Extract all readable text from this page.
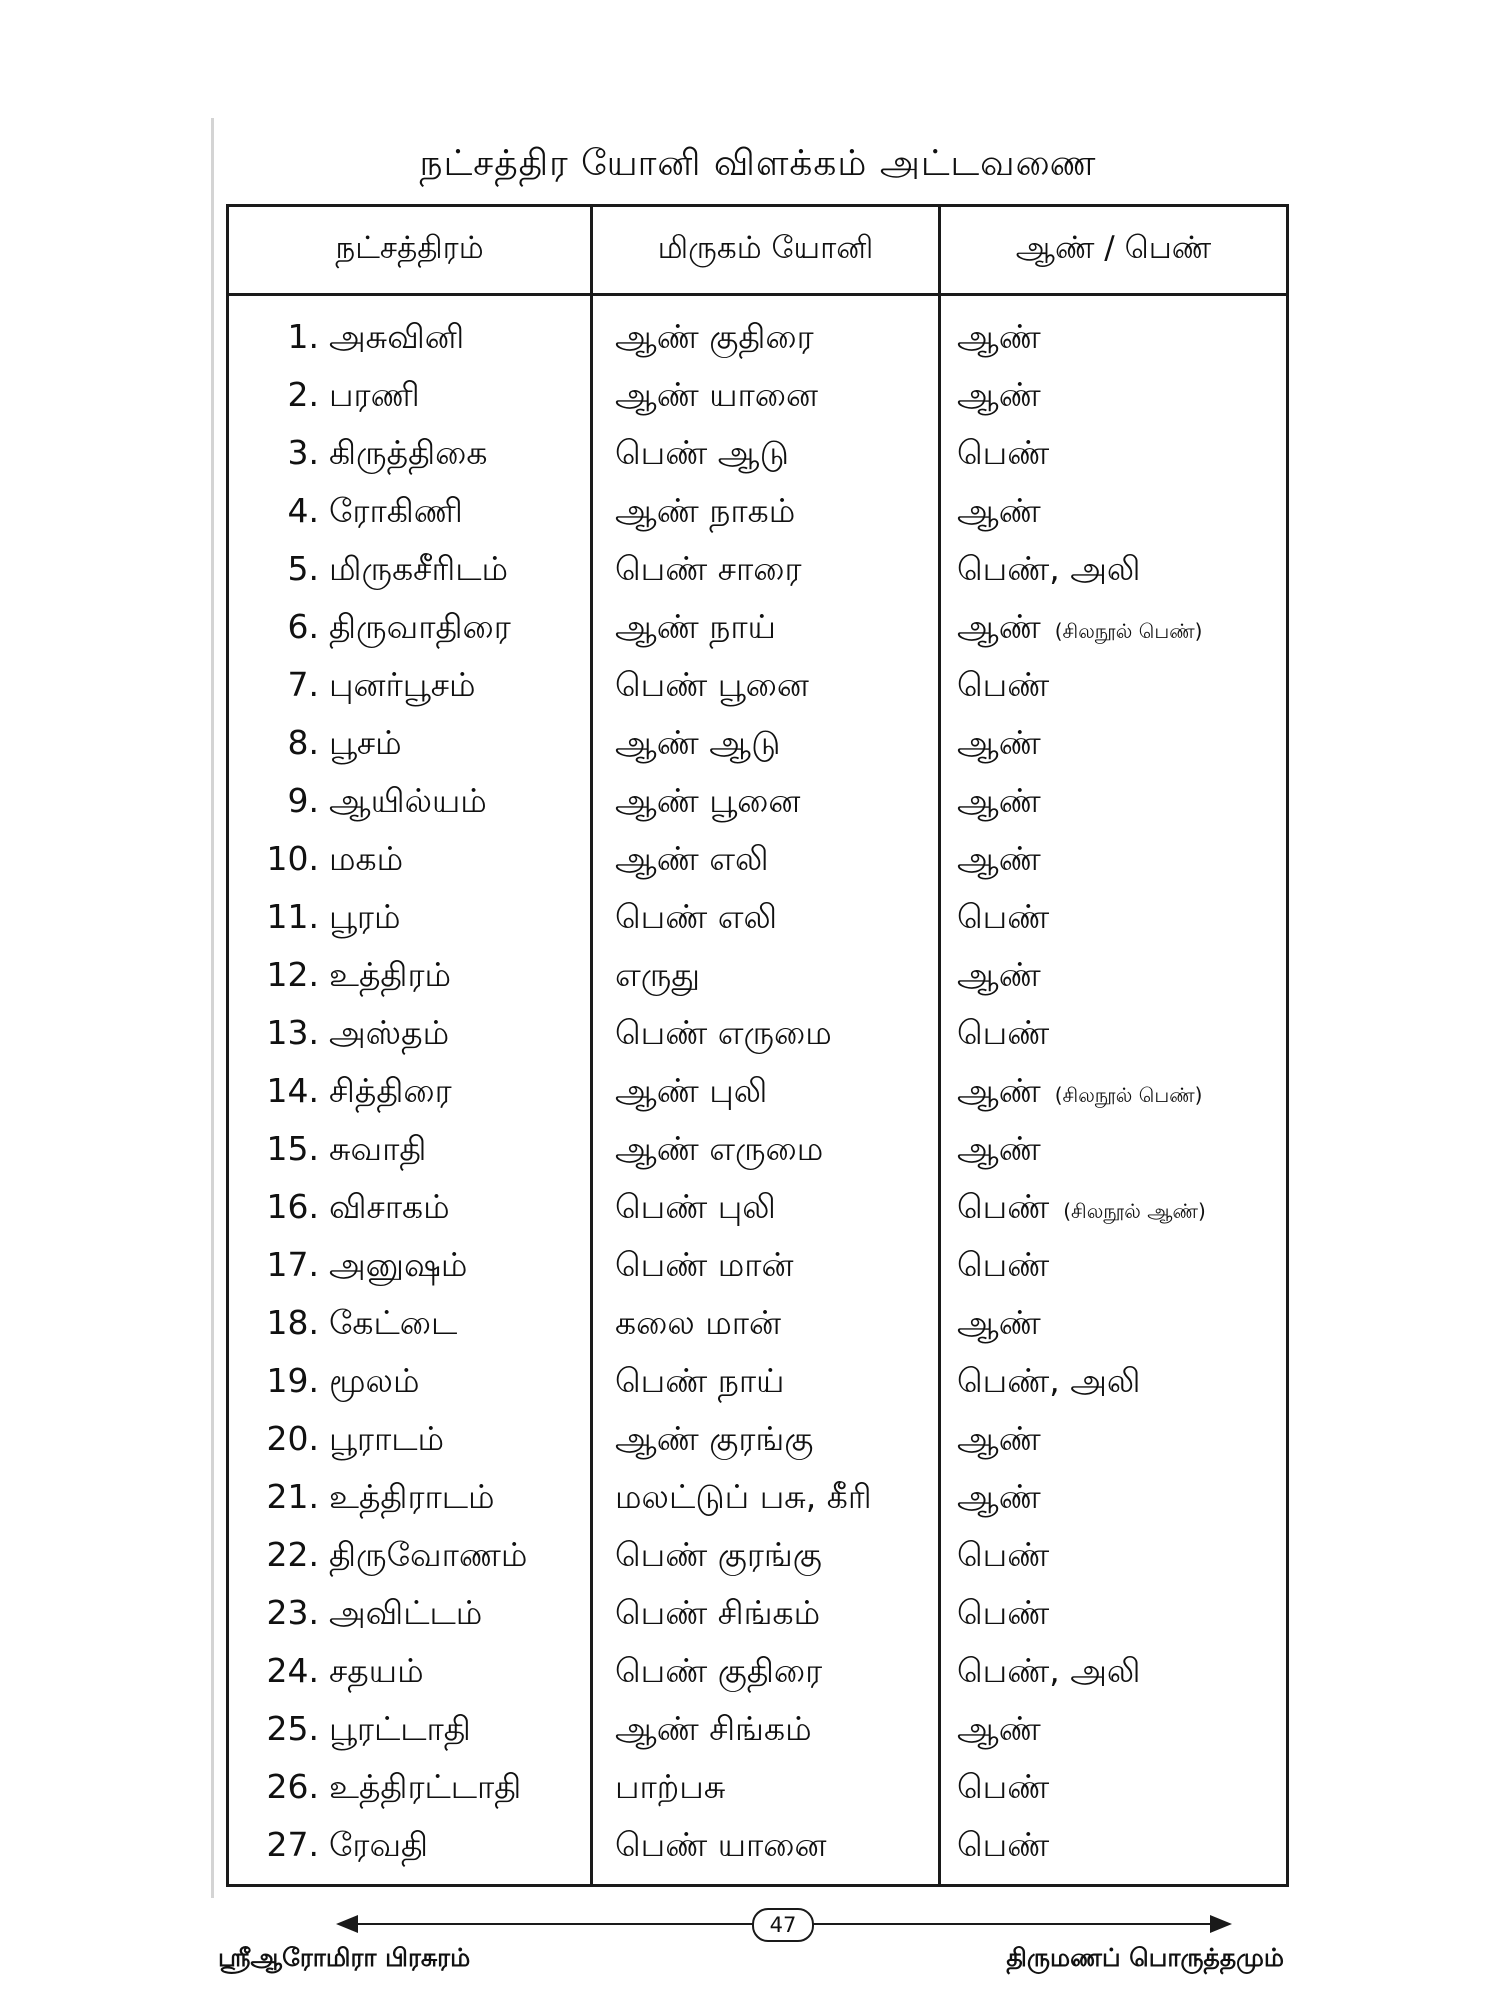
நட்சத்திர யோனி விளக்கம் அட்டவணை
நட்சத்திரம்	மிருகம் யோனி	ஆண் / பெண்
1. அசுவினி	ஆண் குதிரை	ஆண்
2. பரணி	ஆண் யானை	ஆண்
3. கிருத்திகை	பெண் ஆடு	பெண்
4. ரோகிணி	ஆண் நாகம்	ஆண்
5. மிருகசீரிடம்	பெண் சாரை	பெண், அலி
6. திருவாதிரை	ஆண் நாய்	ஆண் (சிலநூல் பெண்)
7. புனர்பூசம்	பெண் பூனை	பெண்
8. பூசம்	ஆண் ஆடு	ஆண்
9. ஆயில்யம்	ஆண் பூனை	ஆண்
10. மகம்	ஆண் எலி	ஆண்
11. பூரம்	பெண் எலி	பெண்
12. உத்திரம்	எருது	ஆண்
13. அஸ்தம்	பெண் எருமை	பெண்
14. சித்திரை	ஆண் புலி	ஆண் (சிலநூல் பெண்)
15. சுவாதி	ஆண் எருமை	ஆண்
16. விசாகம்	பெண் புலி	பெண் (சிலநூல் ஆண்)
17. அனுஷம்	பெண் மான்	பெண்
18. கேட்டை	கலை மான்	ஆண்
19. மூலம்	பெண் நாய்	பெண், அலி
20. பூராடம்	ஆண் குரங்கு	ஆண்
21. உத்திராடம்	மலட்டுப் பசு, கீரி	ஆண்
22. திருவோணம்	பெண் குரங்கு	பெண்
23. அவிட்டம்	பெண் சிங்கம்	பெண்
24. சதயம்	பெண் குதிரை	பெண், அலி
25. பூரட்டாதி	ஆண் சிங்கம்	ஆண்
26. உத்திரட்டாதி	பாற்பசு	பெண்
27. ரேவதி	பெண் யானை	பெண்
47
ஸ்ரீஆரோமிரா பிரசுரம்	திருமணப் பொருத்தமும்
